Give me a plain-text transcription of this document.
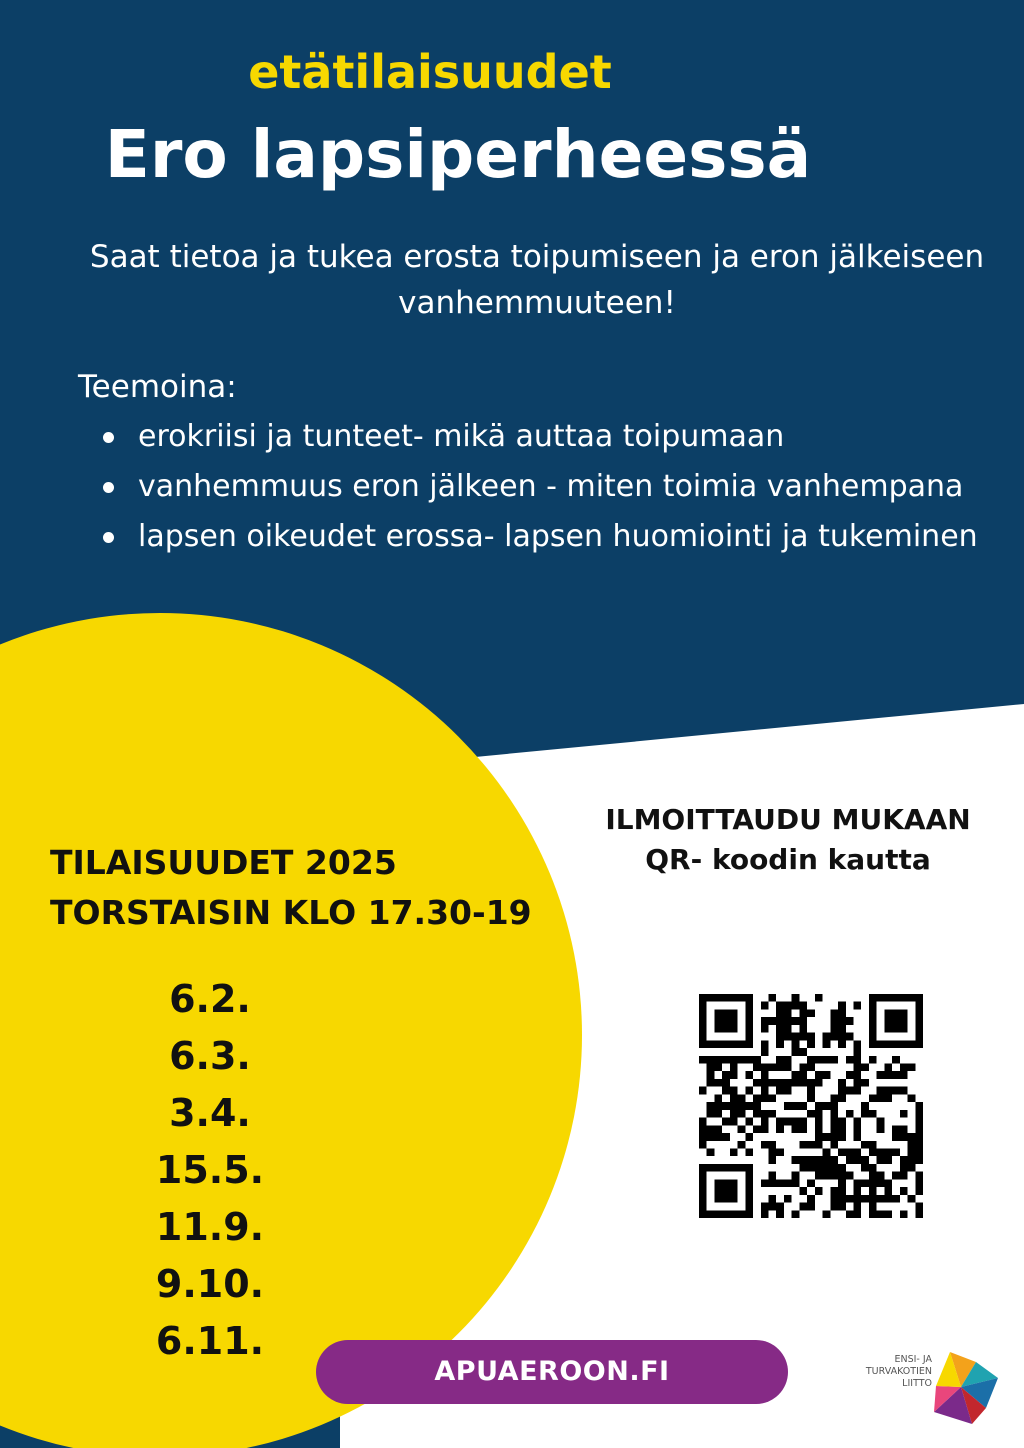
etätilaisuudet
Ero lapsiperheessä
Saat tietoa ja tukea erosta toipumiseen ja eron jälkeiseen
vanhemmuuteen!
Teemoina:
erokriisi ja tunteet- mikä auttaa toipumaan
vanhemmuus eron jälkeen - miten toimia vanhempana
lapsen oikeudet erossa- lapsen huomiointi ja tukeminen
TILAISUUDET 2025
TORSTAISIN KLO 17.30-19
6.2.
6.3.
3.4.
15.5.
11.9.
9.10.
6.11.
ILMOITTAUDU MUKAAN
QR- koodin kautta
APUAEROON.FI	ENSI- JA
TURVAKOTIEN
LIITTO
